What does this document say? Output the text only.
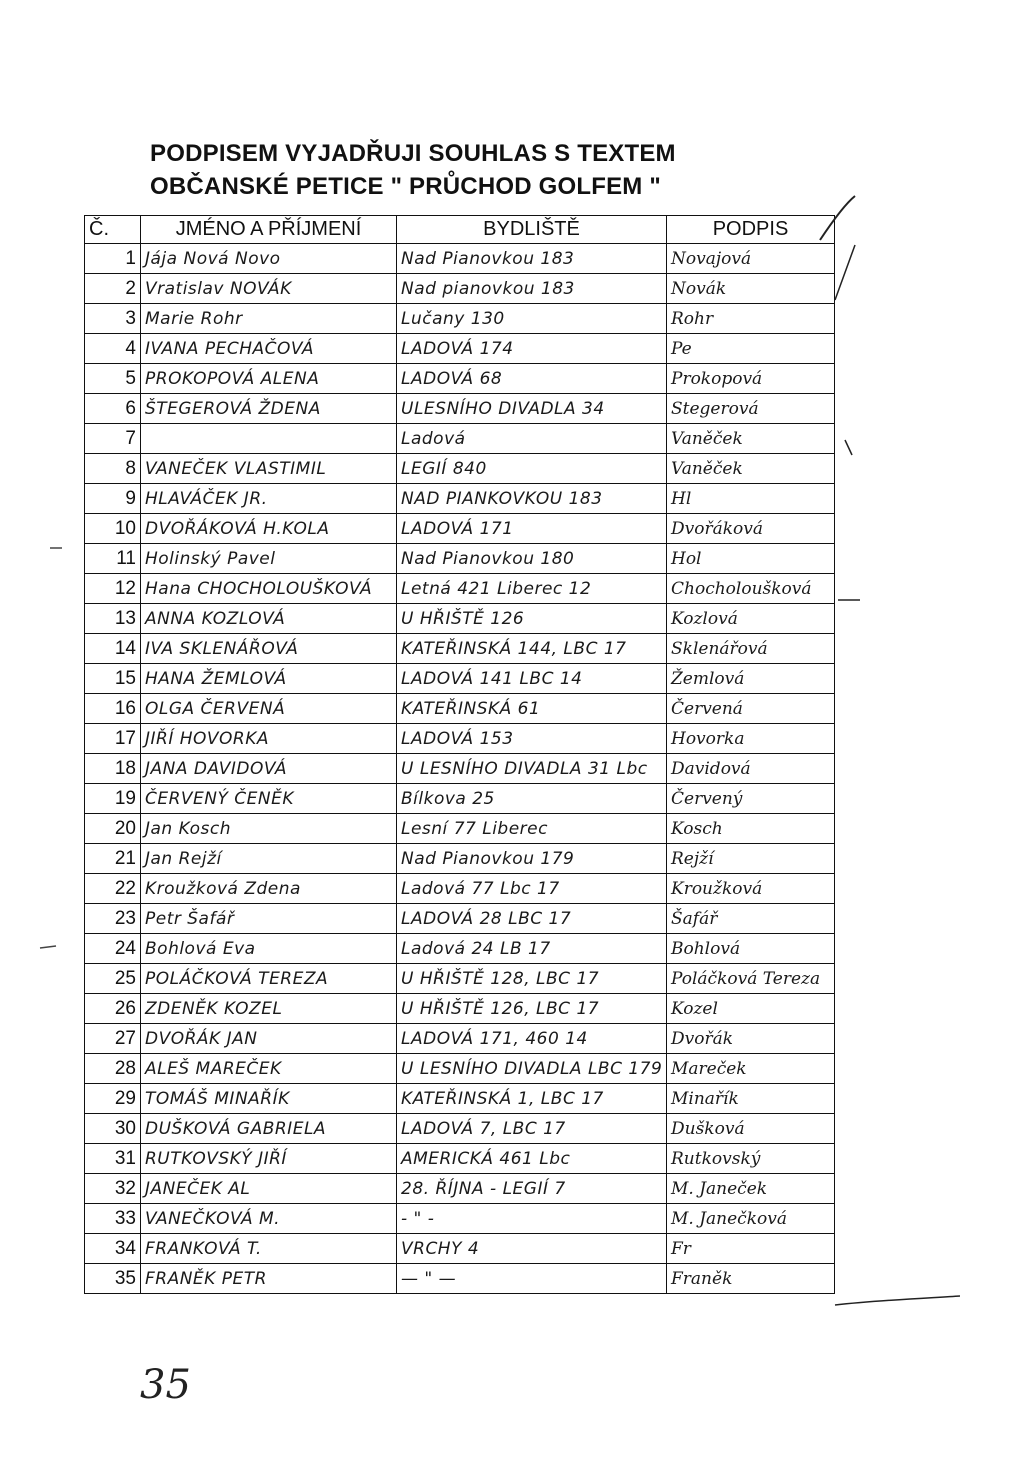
PODPISEM VYJADŘUJI SOUHLAS S TEXTEM
OBČANSKÉ PETICE " PRŮCHOD GOLFEM "
Č.	JMÉNO A PŘÍJMENÍ	BYDLIŠTĚ	PODPIS
1	Jája Nová Novo	Nad Pianovkou 183	Novajová
2	Vratislav NOVÁK	Nad pianovkou 183	Novák
3	Marie Rohr	Lučany 130	Rohr
4	IVANA PECHAČOVÁ	LADOVÁ 174	Pe
5	PROKOPOVÁ ALENA	LADOVÁ 68	Prokopová
6	ŠTEGEROVÁ ŽDENA	ULESNÍHO DIVADLA 34	Stegerová
7		Ladová	Vaněček
8	VANEČEK VLASTIMIL	LEGIÍ 840	Vaněček
9	HLAVÁČEK JR.	NAD PIANKOVKOU 183	Hl
10	DVOŘÁKOVÁ H.KOLA	LADOVÁ 171	Dvořáková
11	Holinský Pavel	Nad Pianovkou 180	Hol
12	Hana CHOCHOLOUŠKOVÁ	Letná 421 Liberec 12	Chocholoušková
13	ANNA KOZLOVÁ	U HŘIŠTĚ 126	Kozlová
14	IVA SKLENÁŘOVÁ	KATEŘINSKÁ 144, LBC 17	Sklenářová
15	HANA ŽEMLOVÁ	LADOVÁ 141 LBC 14	Žemlová
16	OLGA ČERVENÁ	KATEŘINSKÁ 61	Červená
17	JIŘÍ HOVORKA	LADOVÁ 153	Hovorka
18	JANA DAVIDOVÁ	U LESNÍHO DIVADLA 31 Lbc	Davidová
19	ČERVENÝ ČENĚK	Bílkova 25	Červený
20	Jan Kosch	Lesní 77 Liberec	Kosch
21	Jan Rejží	Nad Pianovkou 179	Rejží
22	Kroužková Zdena	Ladová 77 Lbc 17	Kroužková
23	Petr Šafář	LADOVÁ 28 LBC 17	Šafář
24	Bohlová Eva	Ladová 24 LB 17	Bohlová
25	POLÁČKOVÁ TEREZA	U HŘIŠTĚ 128, LBC 17	Poláčková Tereza
26	ZDENĚK KOZEL	U HŘIŠTĚ 126, LBC 17	Kozel
27	DVOŘÁK JAN	LADOVÁ 171, 460 14	Dvořák
28	ALEŠ MAREČEK	U LESNÍHO DIVADLA LBC 179	Mareček
29	TOMÁŠ MINAŘÍK	KATEŘINSKÁ 1, LBC 17	Minařík
30	DUŠKOVÁ GABRIELA	LADOVÁ 7, LBC 17	Dušková
31	RUTKOVSKÝ JIŘÍ	AMERICKÁ 461 Lbc	Rutkovský
32	JANEČEK AL	28. ŘÍJNA - LEGIÍ 7	M. Janeček
33	VANEČKOVÁ M.	- " -	M. Janečková
34	FRANKOVÁ T.	VRCHY 4	Fr
35	FRANĚK PETR	— " —	Franěk
35
